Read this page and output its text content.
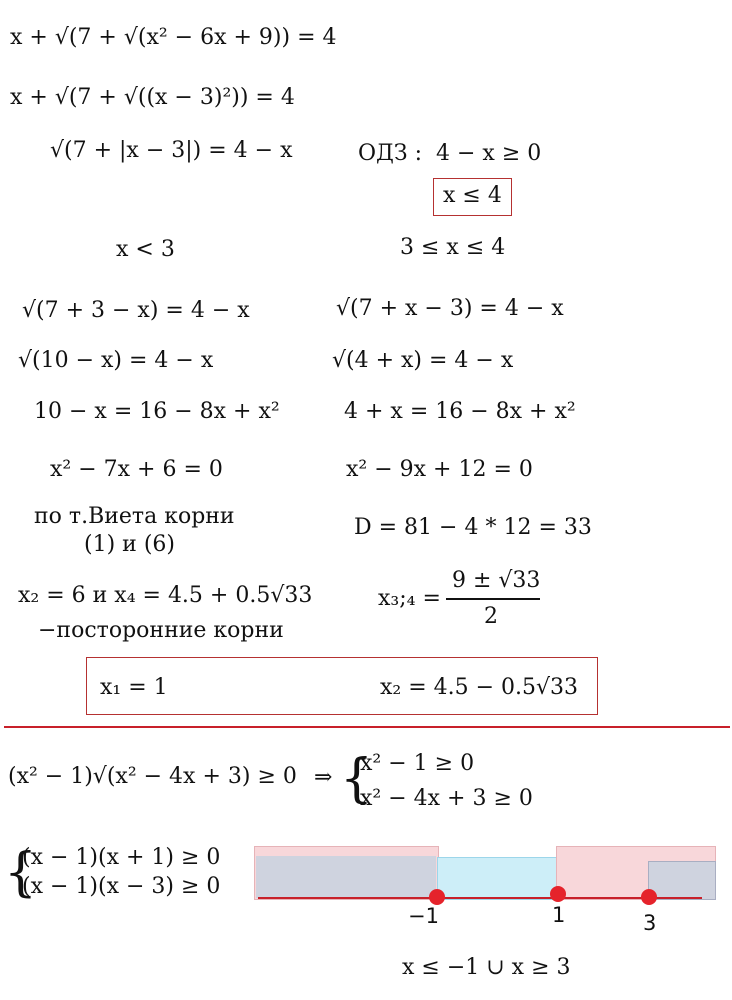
x + √(7 + √(x² − 6x + 9)) = 4
x + √(7 + √((x − 3)²)) = 4
√(7 + |x − 3|) = 4 − x	ОДЗ : 4 − x ≥ 0
x ≤ 4
x < 3
√(7 + 3 − x) = 4 − x
√(10 − x) = 4 − x
10 − x = 16 − 8x + x²
x² − 7x + 6 = 0
по т.Виета корни
(1) и (6)
x₂ = 6 и x₄ = 4.5 + 0.5√33
−посторонние корни
3 ≤ x ≤ 4
√(7 + x − 3) = 4 − x
√(4 + x) = 4 − x
4 + x = 16 − 8x + x²
x² − 9x + 12 = 0
D = 81 − 4 * 12 = 33
x₃;₄ =
9 ± √33
2
x₁ = 1	x₂ = 4.5 − 0.5√33
(x² − 1)√(x² − 4x + 3) ≥ 0 ⇒ {
x² − 1 ≥ 0
x² − 4x + 3 ≥ 0
{
(x − 1)(x + 1) ≥ 0
(x − 1)(x − 3) ≥ 0
−1	1	3
x ≤ −1 ∪ x ≥ 3
